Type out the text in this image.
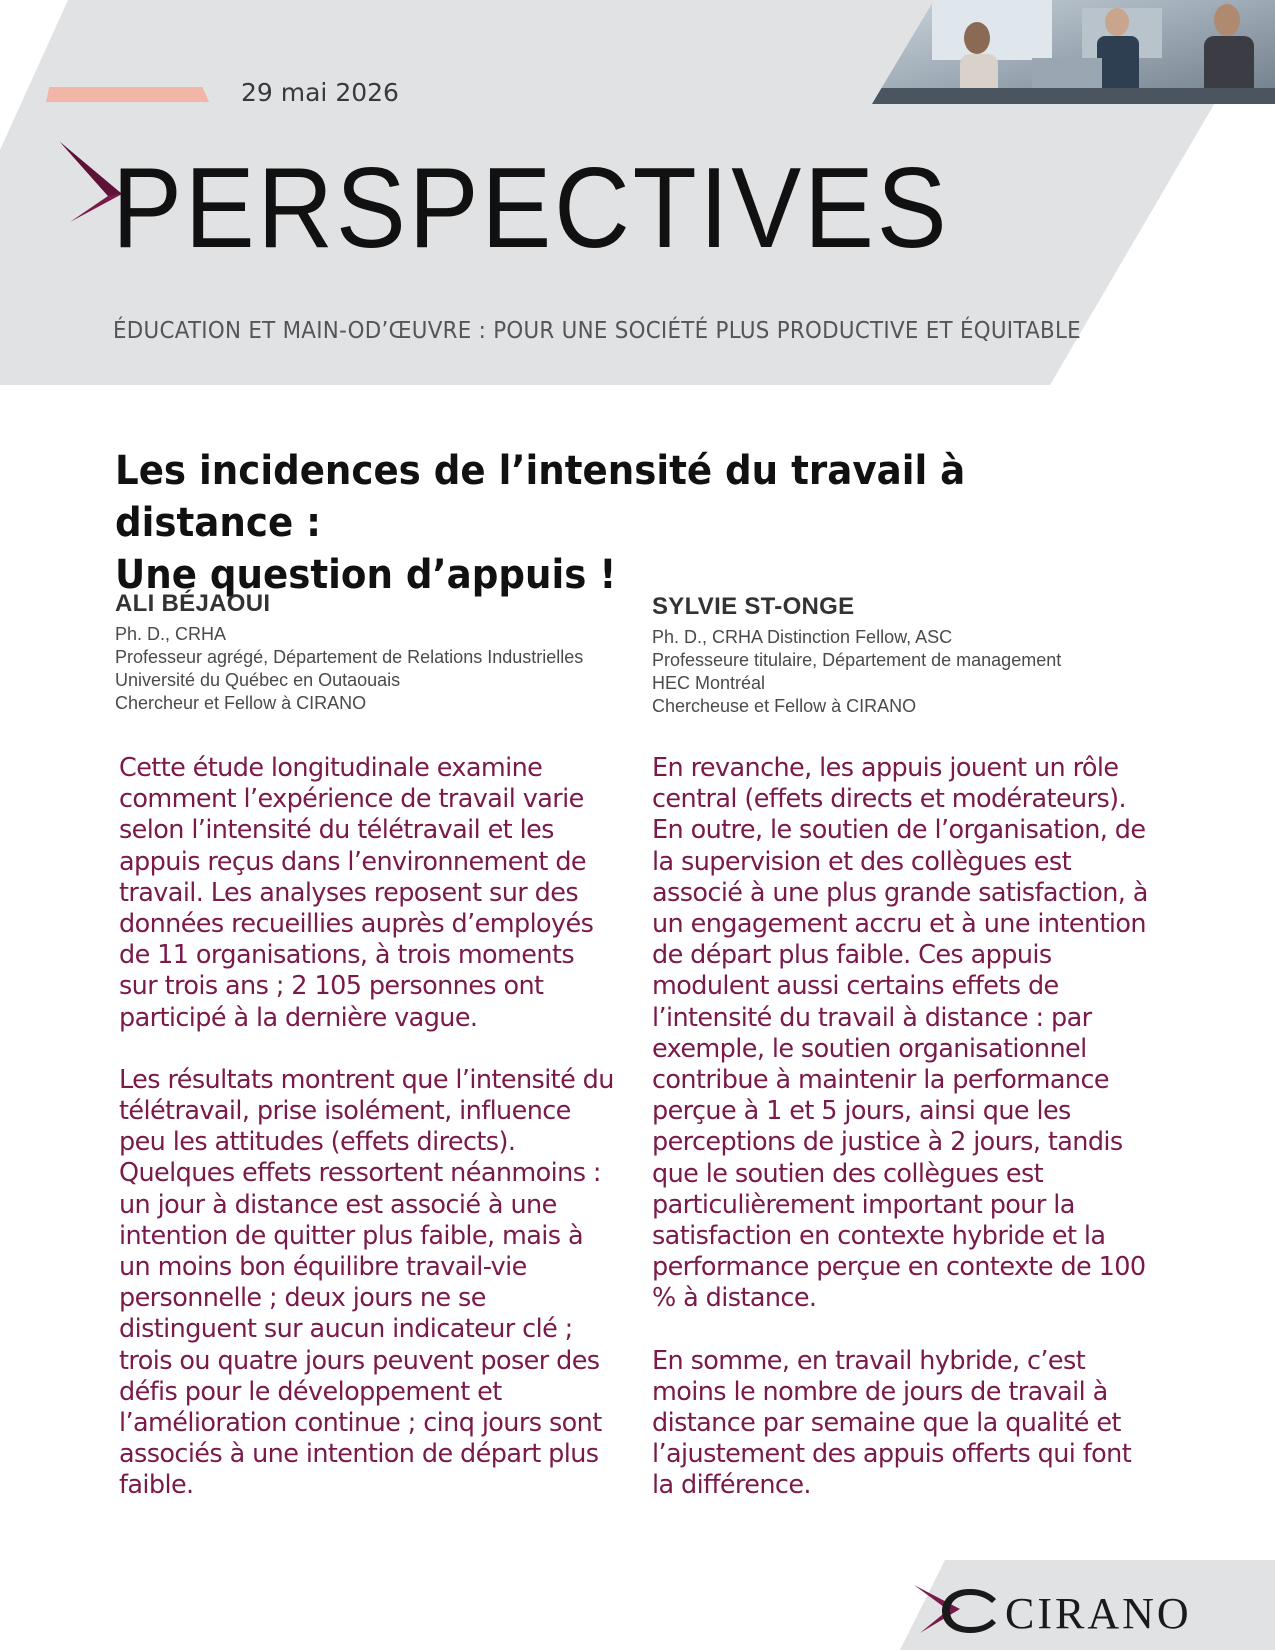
29 mai 2026
PERSPECTIVES
ÉDUCATION ET MAIN-OD’ŒUVRE : POUR UNE SOCIÉTÉ PLUS PRODUCTIVE ET ÉQUITABLE
Les incidences de l’intensité du travail à distance :
Une question d’appuis !
ALI BÉJAOUI
Ph. D., CRHA
Professeur agrégé, Département de Relations Industrielles
Université du Québec en Outaouais
Chercheur et Fellow à CIRANO
SYLVIE ST-ONGE
Ph. D., CRHA Distinction Fellow, ASC
Professeure titulaire, Département de management
HEC Montréal
Chercheuse et Fellow à CIRANO

Cette étude longitudinale examine comment l’expérience de travail varie selon l’intensité du télétravail et les appuis reçus dans l’environnement de travail. Les analyses reposent sur des données recueillies auprès d’employés de 11 organisations, à trois moments sur trois ans ; 2 105 personnes ont participé à la dernière vague.

Les résultats montrent que l’intensité du télétravail, prise isolément, influence peu les attitudes (effets directs). Quelques effets ressortent néanmoins : un jour à distance est associé à une intention de quitter plus faible, mais à un moins bon équilibre travail-vie personnelle ; deux jours ne se distinguent sur aucun indicateur clé ; trois ou quatre jours peuvent poser des défis pour le développement et l’amélioration continue ; cinq jours sont associés à une intention de départ plus faible.

En revanche, les appuis jouent un rôle central (effets directs et modérateurs). En outre, le soutien de l’organisation, de la supervision et des collègues est associé à une plus grande satisfaction, à un engagement accru et à une intention de départ plus faible. Ces appuis modulent aussi certains effets de l’intensité du travail à distance : par exemple, le soutien organisationnel contribue à maintenir la performance perçue à 1 et 5 jours, ainsi que les perceptions de justice à 2 jours, tandis que le soutien des collègues est particulièrement important pour la satisfaction en contexte hybride et la performance perçue en contexte de 100 % à distance.

En somme, en travail hybride, c’est moins le nombre de jours de travail à distance par semaine que la qualité et l’ajustement des appuis offerts qui font la différence.

CIRANO
